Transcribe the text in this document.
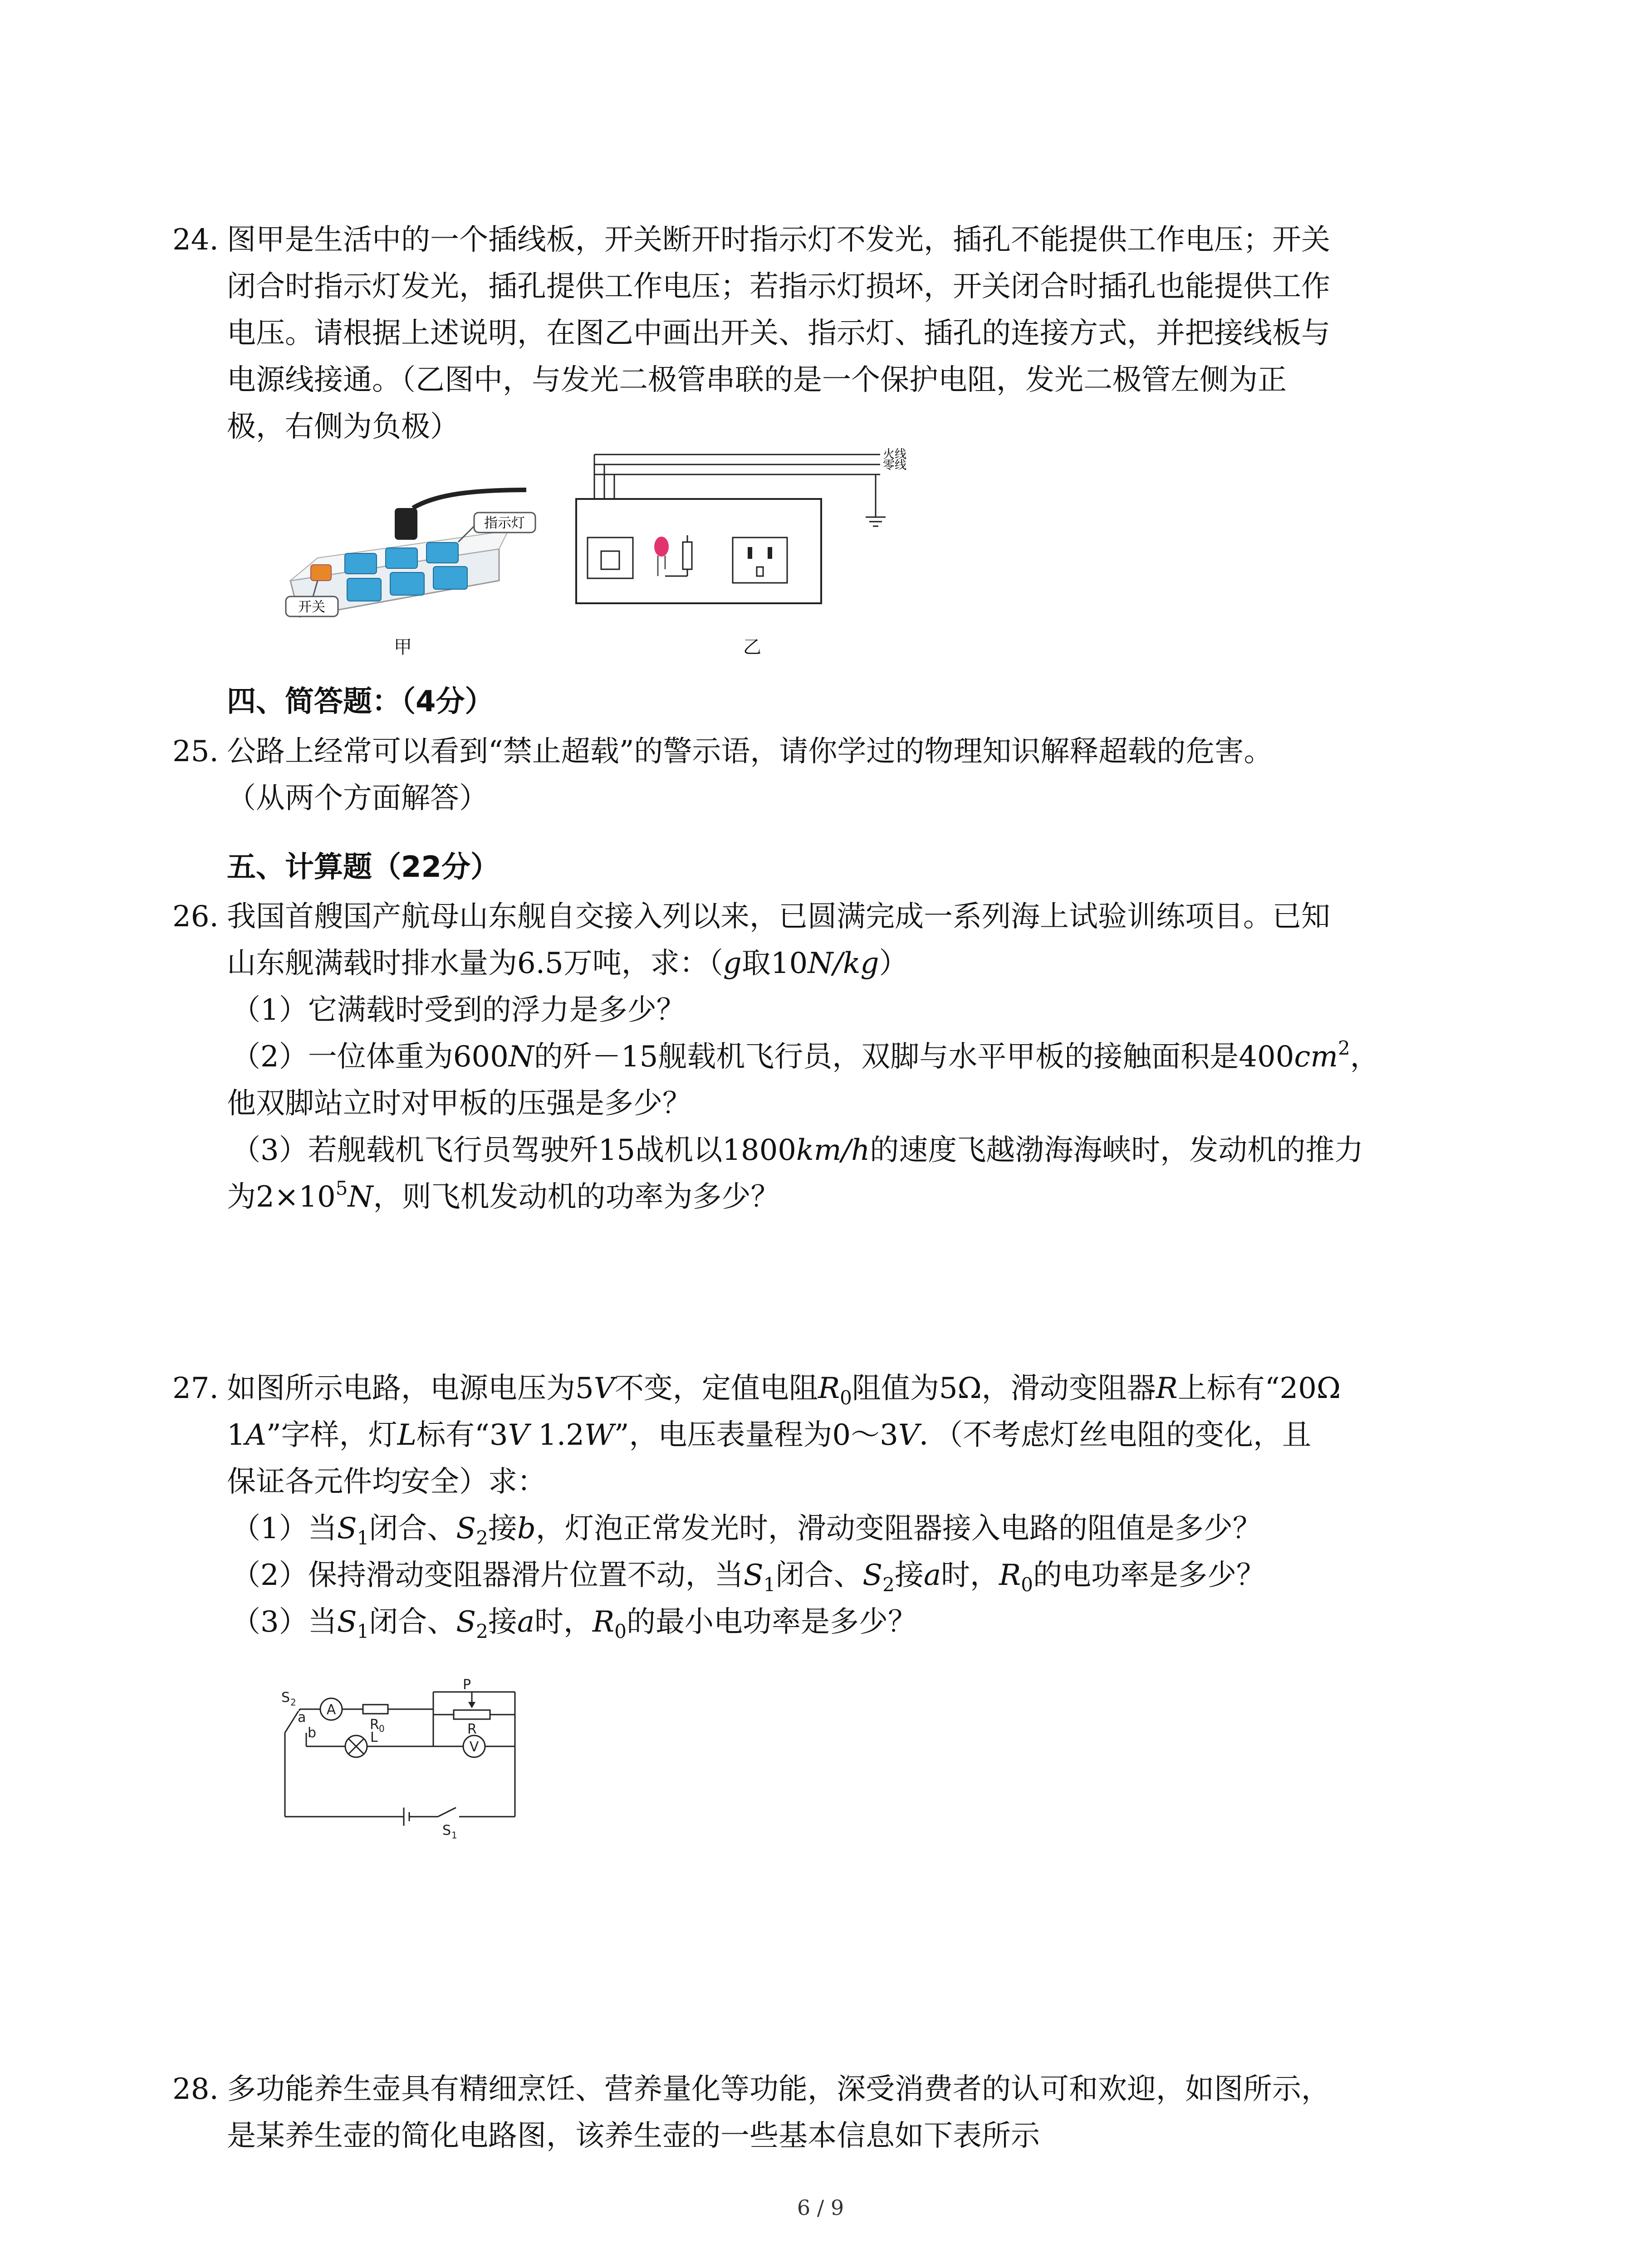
24. 图甲是生活中的一个插线板，开关断开时指示灯不发光，插孔不能提供工作电压；开关
闭合时指示灯发光，插孔提供工作电压；若指示灯损坏，开关闭合时插孔也能提供工作
电压。请根据上述说明，在图乙中画出开关、指示灯、插孔的连接方式，并把接线板与
电源线接通。（乙图中，与发光二极管串联的是一个保护电阻，发光二极管左侧为正
极，右侧为负极）
指示灯
开关
甲
火线
零线
乙
四、简答题：（4分）
25. 公路上经常可以看到“禁止超载”的警示语，请你学过的物理知识解释超载的危害。
（从两个方面解答）
五、计算题（22分）
26. 我国首艘国产航母山东舰自交接入列以来，已圆满完成一系列海上试验训练项目。已知
山东舰满载时排水量为6.5万吨，求：（g取10N/kg）
（1）它满载时受到的浮力是多少？
（2）一位体重为600N的歼－15舰载机飞行员，双脚与水平甲板的接触面积是$400cm^2$，
他双脚站立时对甲板的压强是多少？
（3）若舰载机飞行员驾驶歼15战机以1800km/h的速度飞越渤海海峡时，发动机的推力
为$2\times 10^5N$，则飞机发动机的功率为多少？
27. 如图所示电路，电源电压为5V不变，定值电阻$R_0$阻值为5Ω，滑动变阻器R上标有“20Ω
1A”字样，灯L标有“3V 1.2W”，电压表量程为0～3V．（不考虑灯丝电阻的变化，且
保证各元件均安全）求：
（1）当$S_1$闭合、$S_2$接b，灯泡正常发光时，滑动变阻器接入电路的阻值是多少？
（2）保持滑动变阻器滑片位置不动，当$S_1$闭合、$S_2$接a时，$R_0$的电功率是多少？
（3）当$S_1$闭合、$S_2$接a时，$R_0$的最小电功率是多少？
A
V
S 2
a
b
R 0
P
R
L
S 1
28. 多功能养生壶具有精细烹饪、营养量化等功能，深受消费者的认可和欢迎，如图所示，
是某养生壶的简化电路图，该养生壶的一些基本信息如下表所示
6 / 9
